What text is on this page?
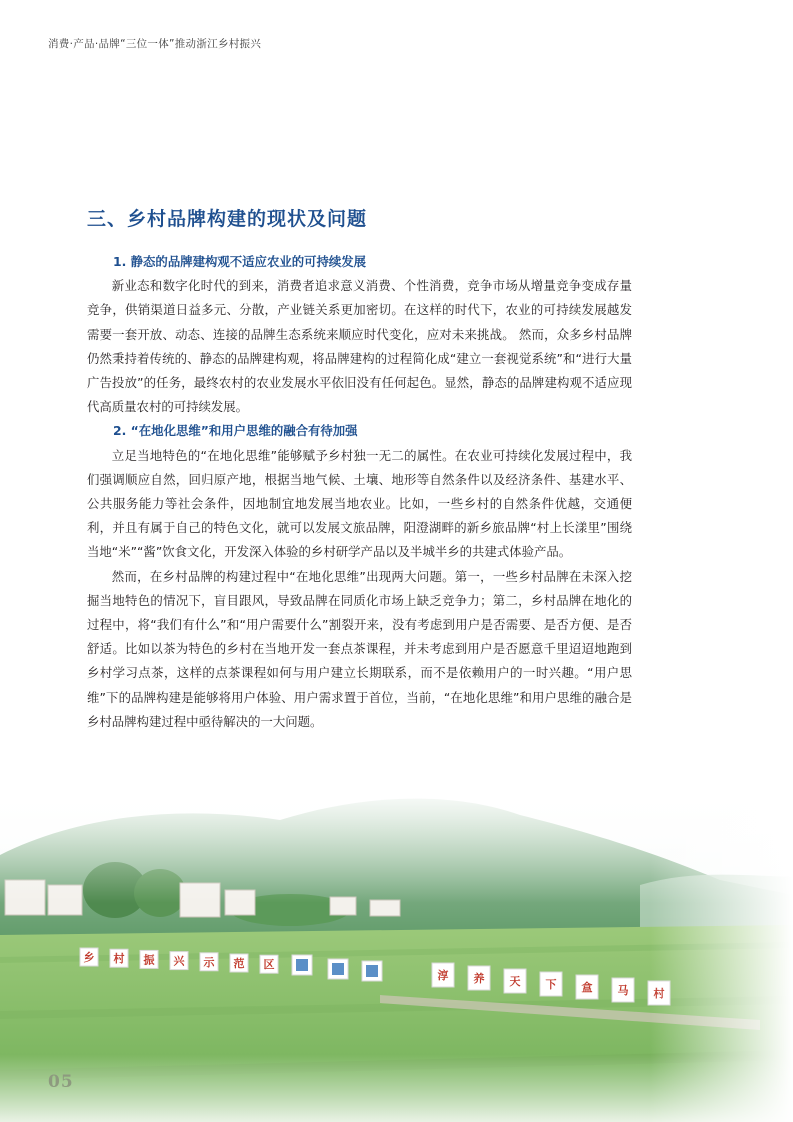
消费·产品·品牌“三位一体”推动浙江乡村振兴
三、乡村品牌构建的现状及问题

1. 静态的品牌建构观不适应农业的可持续发展

新业态和数字化时代的到来，消费者追求意义消费、个性消费，竞争市场从增量竞争变成存量竞争，供销渠道日益多元、分散，产业链关系更加密切。在这样的时代下，农业的可持续发展越发需要一套开放、动态、连接的品牌生态系统来顺应时代变化，应对未来挑战。 然而，众多乡村品牌仍然秉持着传统的、静态的品牌建构观，将品牌建构的过程简化成“建立一套视觉系统”和“进行大量广告投放”的任务，最终农村的农业发展水平依旧没有任何起色。显然，静态的品牌建构观不适应现代高质量农村的可持续发展。

2. “在地化思维”和用户思维的融合有待加强

立足当地特色的“在地化思维”能够赋予乡村独一无二的属性。在农业可持续化发展过程中，我们强调顺应自然，回归原产地，根据当地气候、土壤、地形等自然条件以及经济条件、基建水平、公共服务能力等社会条件，因地制宜地发展当地农业。比如，一些乡村的自然条件优越，交通便利，并且有属于自己的特色文化，就可以发展文旅品牌，阳澄湖畔的新乡旅品牌“村上长漾里”围绕当地“米”“酱”饮食文化，开发深入体验的乡村研学产品以及半城半乡的共建式体验产品。

然而，在乡村品牌的构建过程中“在地化思维”出现两大问题。第一，一些乡村品牌在未深入挖掘当地特色的情况下，盲目跟风，导致品牌在同质化市场上缺乏竞争力；第二，乡村品牌在地化的过程中，将“我们有什么”和“用户需要什么”割裂开来，没有考虑到用户是否需要、是否方便、是否舒适。比如以茶为特色的乡村在当地开发一套点茶课程，并未考虑到用户是否愿意千里迢迢地跑到乡村学习点茶，这样的点茶课程如何与用户建立长期联系，而不是依赖用户的一时兴趣。“用户思维”下的品牌构建是能够将用户体验、用户需求置于首位，当前，“在地化思维”和用户思维的融合是乡村品牌构建过程中亟待解决的一大问题。

05
